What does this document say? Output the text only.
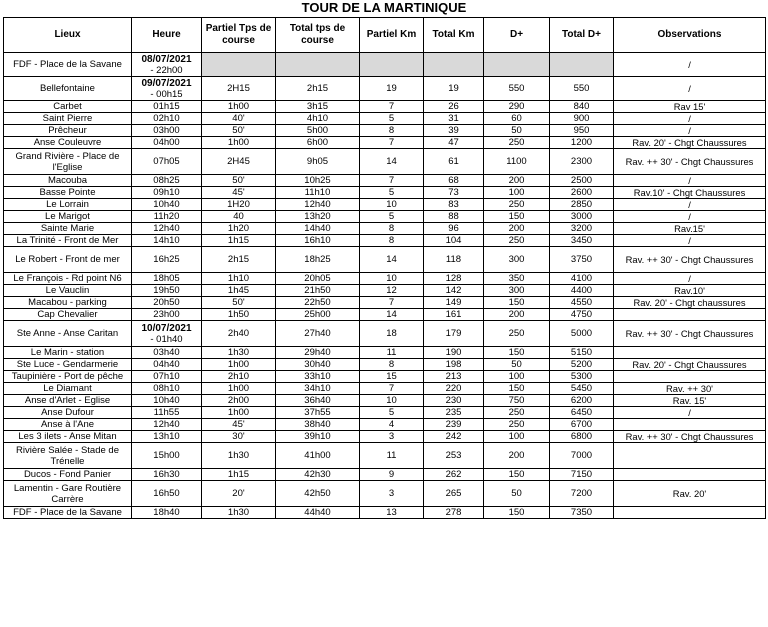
TOUR DE LA MARTINIQUE
Lieux	Heure	Partiel Tps de course	Total tps de course	Partiel Km	Total Km	D+	Total D+	Observations
FDF - Place de la Savane	08/07/2021
- 22h00							/
Bellefontaine	09/07/2021
- 00h15	2H15	2h15	19	19	550	550	/
Carbet	01h15	1h00	3h15	7	26	290	840	Rav 15'
Saint Pierre	02h10	40'	4h10	5	31	60	900	/
Prêcheur	03h00	50'	5h00	8	39	50	950	/
Anse Couleuvre	04h00	1h00	6h00	7	47	250	1200	Rav. 20' - Chgt Chaussures
Grand Rivière - Place de l'Eglise	07h05	2H45	9h05	14	61	1100	2300	Rav. ++ 30' - Chgt Chaussures
Macouba	08h25	50'	10h25	7	68	200	2500	/
Basse Pointe	09h10	45'	11h10	5	73	100	2600	Rav.10' - Chgt Chaussures
Le Lorrain	10h40	1H20	12h40	10	83	250	2850	/
Le Marigot	11h20	40	13h20	5	88	150	3000	/
Sainte Marie	12h40	1h20	14h40	8	96	200	3200	Rav.15'
La Trinité - Front de Mer	14h10	1h15	16h10	8	104	250	3450	/
Le Robert - Front de mer	16h25	2h15	18h25	14	118	300	3750	Rav. ++ 30' - Chgt Chaussures
Le François - Rd point N6	18h05	1h10	20h05	10	128	350	4100	/
Le Vauclin	19h50	1h45	21h50	12	142	300	4400	Rav.10'
Macabou - parking	20h50	50'	22h50	7	149	150	4550	Rav. 20' - Chgt chaussures
Cap Chevalier	23h00	1h50	25h00	14	161	200	4750	
Ste Anne - Anse Caritan	10/07/2021
- 01h40	2h40	27h40	18	179	250	5000	Rav. ++ 30' - Chgt Chaussures
Le Marin - station	03h40	1h30	29h40	11	190	150	5150	
Ste Luce - Gendarmerie	04h40	1h00	30h40	8	198	50	5200	Rav. 20' - Chgt Chaussures
Taupinière - Port de pêche	07h10	2h10	33h10	15	213	100	5300	
Le Diamant	08h10	1h00	34h10	7	220	150	5450	Rav. ++ 30'
Anse d'Arlet - Eglise	10h40	2h00	36h40	10	230	750	6200	Rav. 15'
Anse Dufour	11h55	1h00	37h55	5	235	250	6450	/
Anse à l'Ane	12h40	45'	38h40	4	239	250	6700	
Les 3 ilets - Anse Mitan	13h10	30'	39h10	3	242	100	6800	Rav. ++ 30' - Chgt Chaussures
Rivière Salée - Stade de Trénelle	15h00	1h30	41h00	11	253	200	7000	
Ducos - Fond Panier	16h30	1h15	42h30	9	262	150	7150	
Lamentin - Gare Routière Carrère	16h50	20'	42h50	3	265	50	7200	Rav. 20'
FDF - Place de la Savane	18h40	1h30	44h40	13	278	150	7350	
